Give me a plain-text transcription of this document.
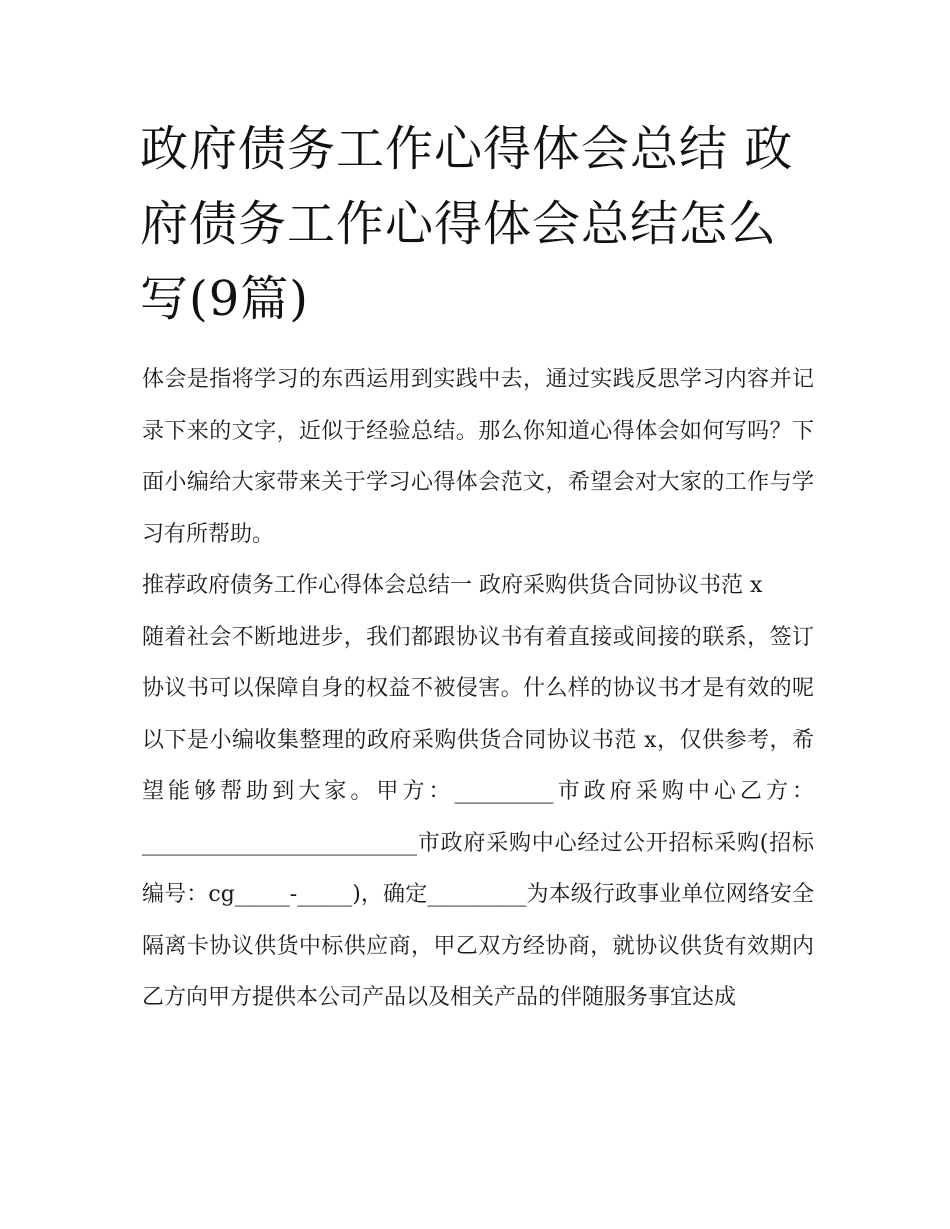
政府债务工作心得体会总结 政府债务工作心得体会总结怎么写(9篇)

体会是指将学习的东西运用到实践中去，通过实践反思学习内容并记录下来的文字，近似于经验总结。那么你知道心得体会如何写吗？下面小编给大家带来关于学习心得体会范文，希望会对大家的工作与学习有所帮助。

推荐政府债务工作心得体会总结一 政府采购供货合同协议书范 x

随着社会不断地进步，我们都跟协议书有着直接或间接的联系，签订协议书可以保障自身的权益不被侵害。什么样的协议书才是有效的呢以下是小编收集整理的政府采购供货合同协议书范 x，仅供参考，希望能够帮助到大家。甲方：_________市政府采购中心乙方：_________________________市政府采购中心经过公开招标采购(招标编号：cg_____-_____)，确定_________为本级行政事业单位网络安全隔离卡协议供货中标供应商，甲乙双方经协商，就协议供货有效期内乙方向甲方提供本公司产品以及相关产品的伴随服务事宜达成
